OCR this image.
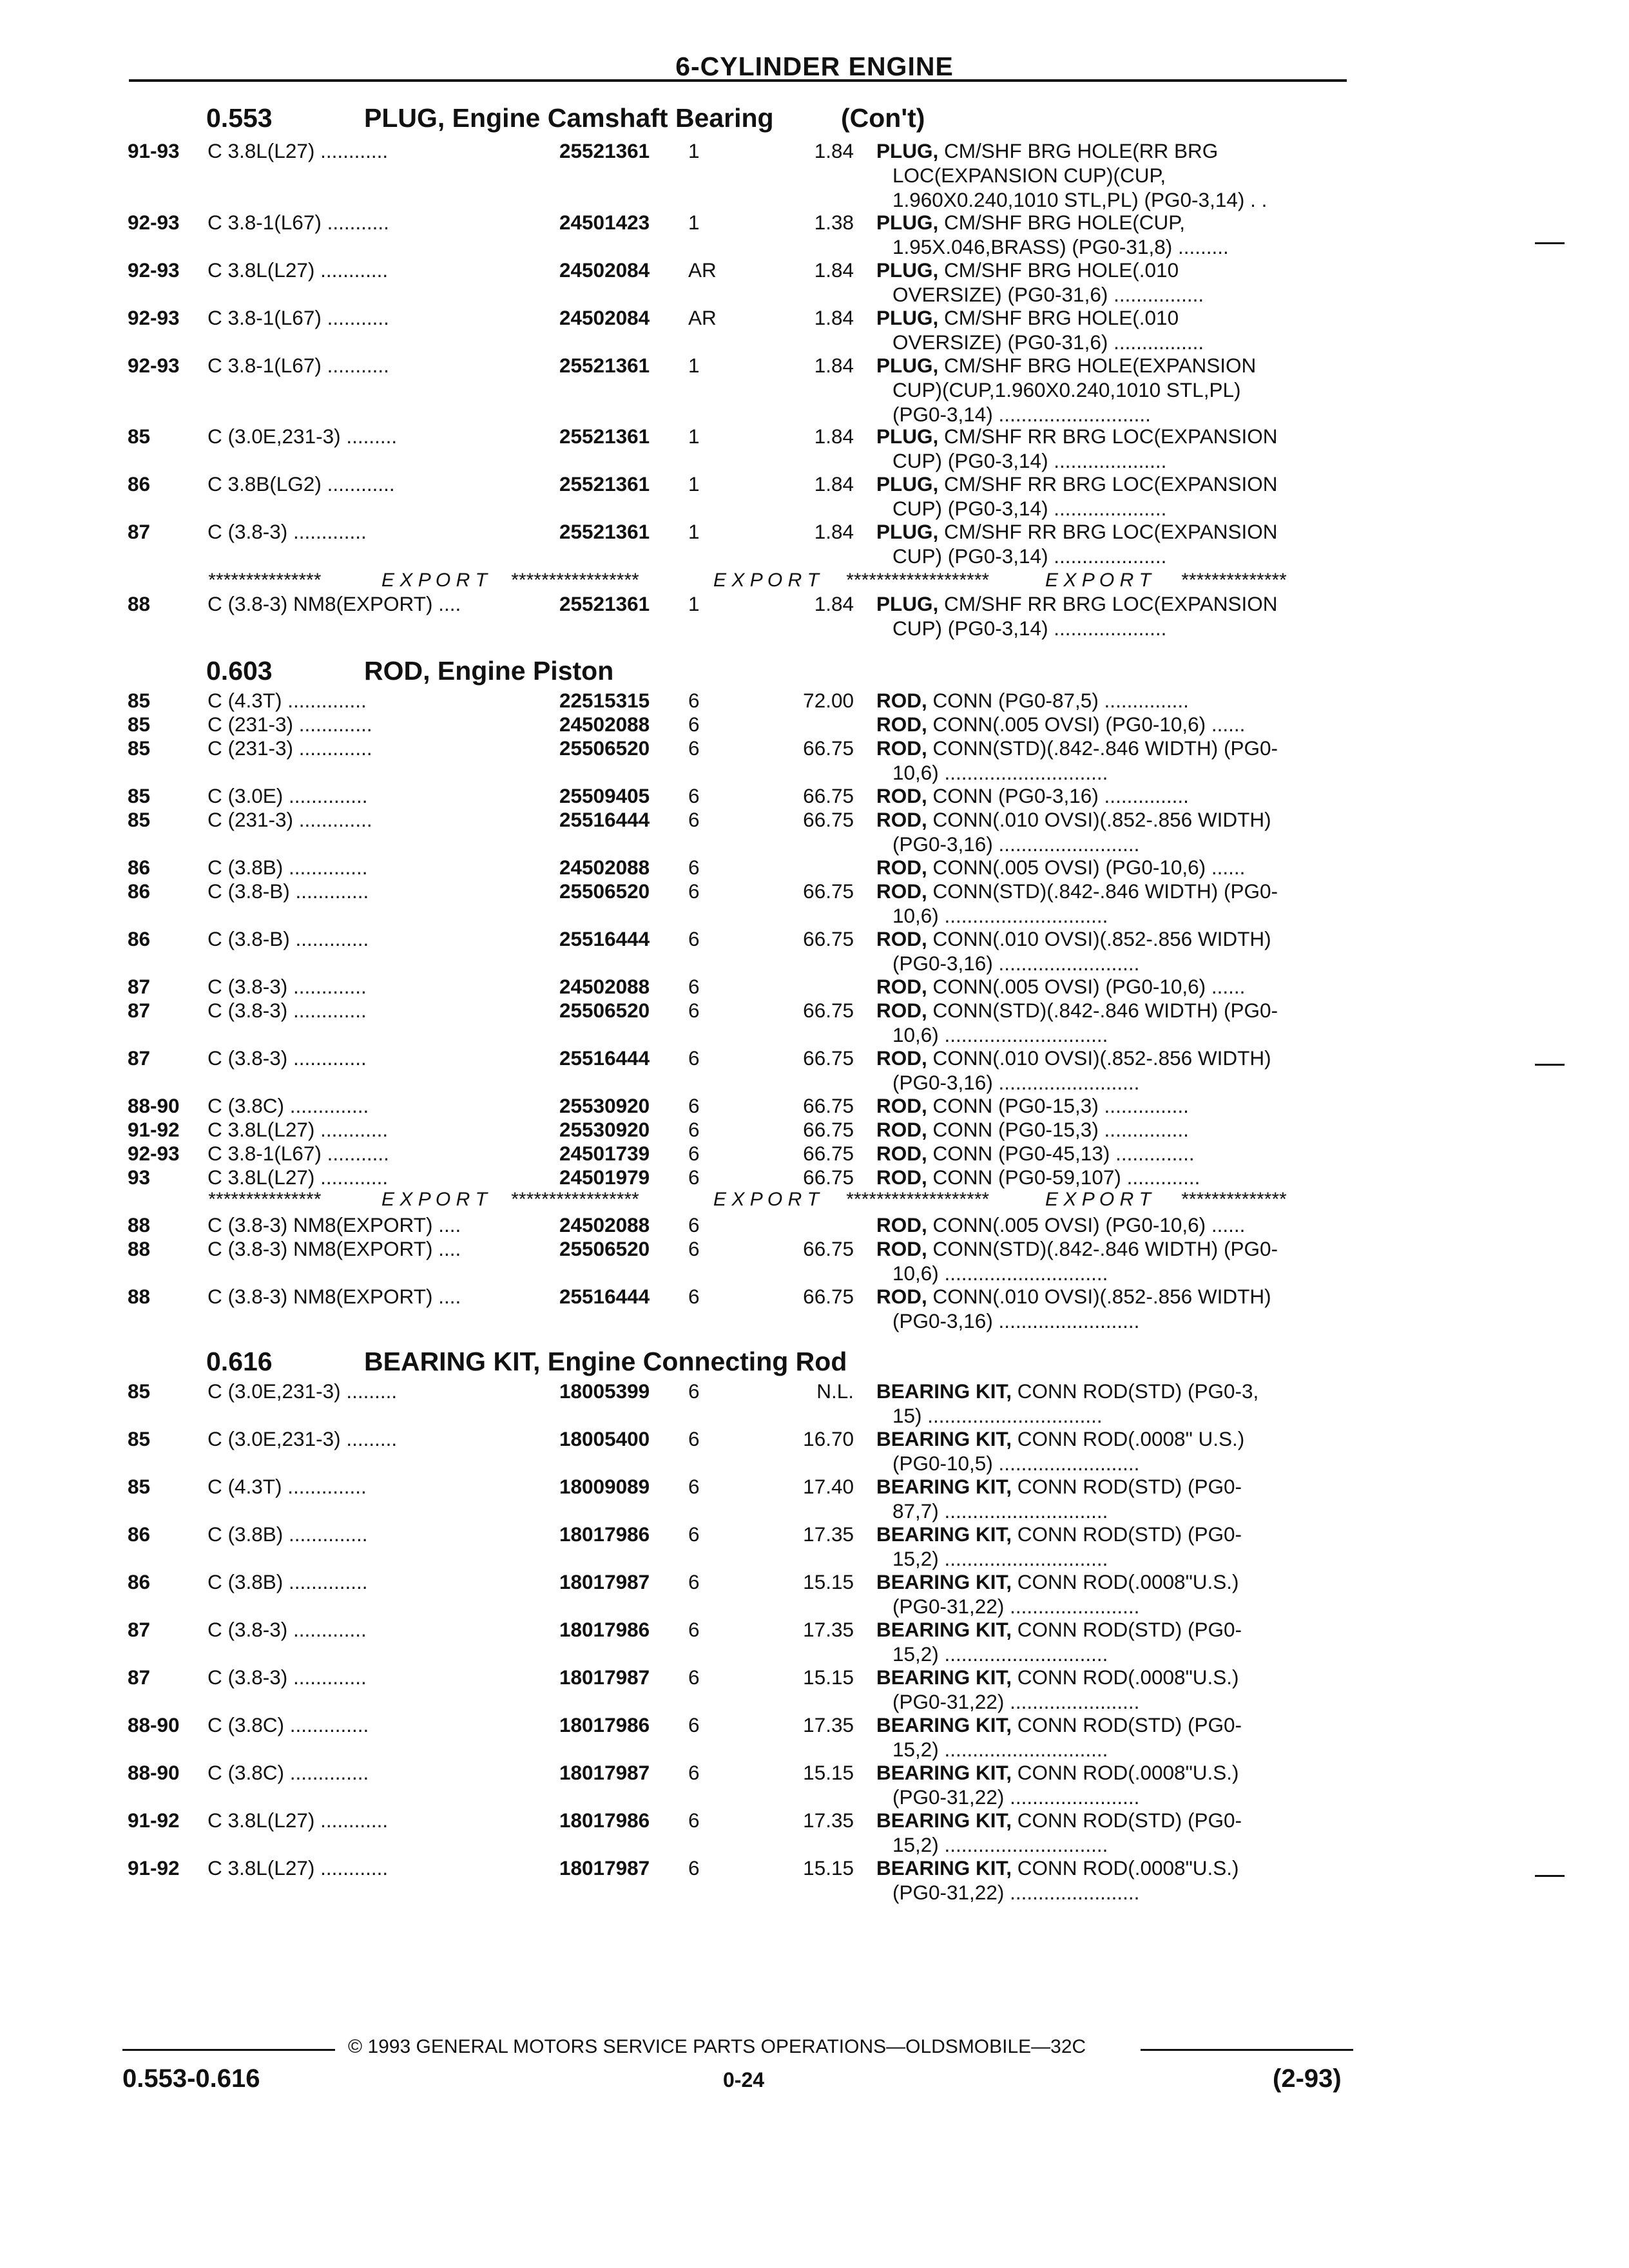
6-CYLINDER ENGINE
0.553	PLUG, Engine Camshaft Bearing	(Con't)
91-93 C 3.8L(L27) ............	25521361 1	1.84 PLUG, CM/SHF BRG HOLE(RR BRG
LOC(EXPANSION CUP)(CUP,
1.960X0.240,1010 STL,PL) (PG0-3,14) . .
92-93 C 3.8-1(L67) ...........	24501423 1	1.38 PLUG, CM/SHF BRG HOLE(CUP,
1.95X.046,BRASS) (PG0-31,8) .........
92-93 C 3.8L(L27) ............	24502084 AR	1.84 PLUG, CM/SHF BRG HOLE(.010
OVERSIZE) (PG0-31,6) ................
92-93 C 3.8-1(L67) ...........	24502084 AR	1.84 PLUG, CM/SHF BRG HOLE(.010
OVERSIZE) (PG0-31,6) ................
92-93 C 3.8-1(L67) ...........	25521361 1	1.84 PLUG, CM/SHF BRG HOLE(EXPANSION
CUP)(CUP,1.960X0.240,1010 STL,PL)
(PG0-3,14) ...........................
85	C (3.0E,231-3) .........	25521361 1	1.84 PLUG, CM/SHF RR BRG LOC(EXPANSION
CUP) (PG0-3,14) ....................
86	C 3.8B(LG2) ............	25521361 1	1.84 PLUG, CM/SHF RR BRG LOC(EXPANSION
CUP) (PG0-3,14) ....................
87	C (3.8-3) .............	25521361 1	1.84 PLUG, CM/SHF RR BRG LOC(EXPANSION
CUP) (PG0-3,14) ....................
***************	E X P O R T *****************	E X P O R T *******************	E X P O R T **************
88	C (3.8-3) NM8(EXPORT) ....	25521361 1	1.84 PLUG, CM/SHF RR BRG LOC(EXPANSION
CUP) (PG0-3,14) ....................
0.603	ROD, Engine Piston
85	C (4.3T) ..............	22515315 6	72.00 ROD, CONN (PG0-87,5) ...............
85	C (231-3) .............	24502088 6	ROD, CONN(.005 OVSI) (PG0-10,6) ......
85	C (231-3) .............	25506520 6	66.75 ROD, CONN(STD)(.842-.846 WIDTH) (PG0-
10,6) .............................
85	C (3.0E) ..............	25509405 6	66.75 ROD, CONN (PG0-3,16) ...............
85	C (231-3) .............	25516444 6	66.75 ROD, CONN(.010 OVSI)(.852-.856 WIDTH)
(PG0-3,16) .........................
86	C (3.8B) ..............	24502088 6	ROD, CONN(.005 OVSI) (PG0-10,6) ......
86	C (3.8-B) .............	25506520 6	66.75 ROD, CONN(STD)(.842-.846 WIDTH) (PG0-
10,6) .............................
86	C (3.8-B) .............	25516444 6	66.75 ROD, CONN(.010 OVSI)(.852-.856 WIDTH)
(PG0-3,16) .........................
87	C (3.8-3) .............	24502088 6	ROD, CONN(.005 OVSI) (PG0-10,6) ......
87	C (3.8-3) .............	25506520 6	66.75 ROD, CONN(STD)(.842-.846 WIDTH) (PG0-
10,6) .............................
87	C (3.8-3) .............	25516444 6	66.75 ROD, CONN(.010 OVSI)(.852-.856 WIDTH)
(PG0-3,16) .........................
88-90 C (3.8C) ..............	25530920 6	66.75 ROD, CONN (PG0-15,3) ...............
91-92 C 3.8L(L27) ............	25530920 6	66.75 ROD, CONN (PG0-15,3) ...............
92-93 C 3.8-1(L67) ...........	24501739 6	66.75 ROD, CONN (PG0-45,13) ..............
93	C 3.8L(L27) ............	24501979 6	66.75 ROD, CONN (PG0-59,107) .............
***************	E X P O R T *****************	E X P O R T *******************	E X P O R T **************
88	C (3.8-3) NM8(EXPORT) ....	24502088 6	ROD, CONN(.005 OVSI) (PG0-10,6) ......
88	C (3.8-3) NM8(EXPORT) ....	25506520 6	66.75 ROD, CONN(STD)(.842-.846 WIDTH) (PG0-
10,6) .............................
88	C (3.8-3) NM8(EXPORT) ....	25516444 6	66.75 ROD, CONN(.010 OVSI)(.852-.856 WIDTH)
(PG0-3,16) .........................
0.616	BEARING KIT, Engine Connecting Rod
85	C (3.0E,231-3) .........	18005399 6	N.L. BEARING KIT, CONN ROD(STD) (PG0-3,
15) ...............................
85	C (3.0E,231-3) .........	18005400 6	16.70 BEARING KIT, CONN ROD(.0008" U.S.)
(PG0-10,5) .........................
85	C (4.3T) ..............	18009089 6	17.40 BEARING KIT, CONN ROD(STD) (PG0-
87,7) .............................
86	C (3.8B) ..............	18017986 6	17.35 BEARING KIT, CONN ROD(STD) (PG0-
15,2) .............................
86	C (3.8B) ..............	18017987 6	15.15 BEARING KIT, CONN ROD(.0008"U.S.)
(PG0-31,22) .......................
87	C (3.8-3) .............	18017986 6	17.35 BEARING KIT, CONN ROD(STD) (PG0-
15,2) .............................
87	C (3.8-3) .............	18017987 6	15.15 BEARING KIT, CONN ROD(.0008"U.S.)
(PG0-31,22) .......................
88-90 C (3.8C) ..............	18017986 6	17.35 BEARING KIT, CONN ROD(STD) (PG0-
15,2) .............................
88-90 C (3.8C) ..............	18017987 6	15.15 BEARING KIT, CONN ROD(.0008"U.S.)
(PG0-31,22) .......................
91-92 C 3.8L(L27) ............	18017986 6	17.35 BEARING KIT, CONN ROD(STD) (PG0-
15,2) .............................
91-92 C 3.8L(L27) ............	18017987 6	15.15 BEARING KIT, CONN ROD(.0008"U.S.)
(PG0-31,22) .......................
© 1993 GENERAL MOTORS SERVICE PARTS OPERATIONS—OLDSMOBILE—32C
0.553-0.616	0-24	(2-93)
